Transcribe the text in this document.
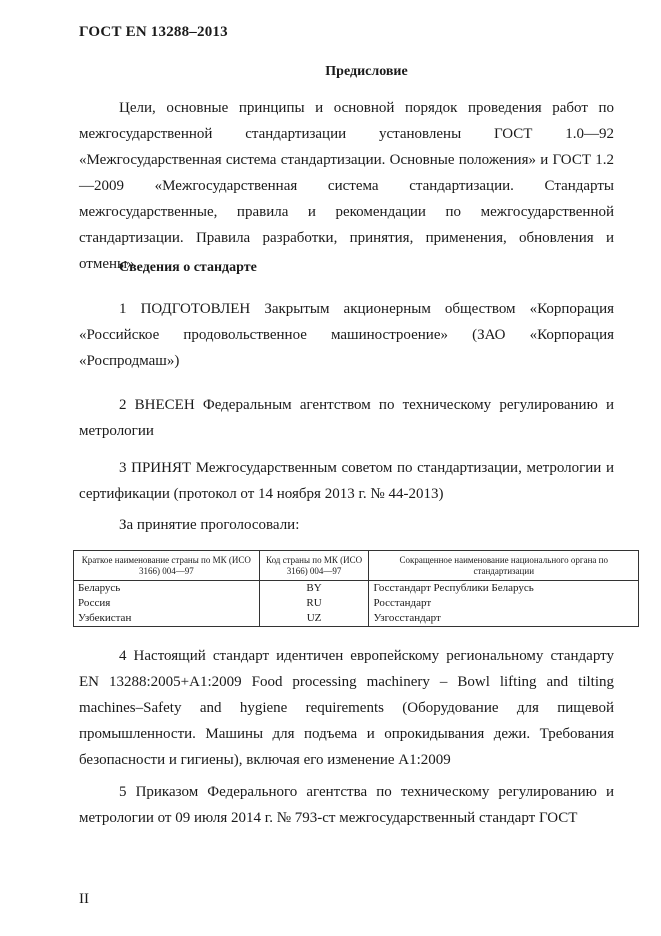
ГОСТ EN 13288–2013
Предисловие

Цели, основные принципы и основной порядок проведения работ по межгосударственной стандартизации установлены ГОСТ 1.0—92 «Межгосударственная система стандартизации. Основные положения» и ГОСТ 1.2—2009 «Межгосударственная система стандартизации. Стандарты межгосударственные, правила и рекомендации по межгосударственной стандартизации. Правила разработки, принятия, применения, обновления и отмены»

Сведения о стандарте

1 ПОДГОТОВЛЕН Закрытым акционерным обществом «Корпорация «Российское продовольственное машиностроение» (ЗАО «Корпорация «Роспродмаш»)

2 ВНЕСЕН Федеральным агентством по техническому регулированию и метрологии

3 ПРИНЯТ Межгосударственным советом по стандартизации, метрологии и сертификации (протокол от 14 ноября 2013 г. № 44-2013)

За принятие проголосовали:
Краткое наименование страны по МК (ИСО 3166) 004—97	Код страны по МК (ИСО 3166) 004—97	Сокращенное наименование национального органа по стандартизации
Беларусь	BY	Госстандарт Республики Беларусь
Россия	RU	Росстандарт
Узбекистан	UZ	Узгосстандарт

4 Настоящий стандарт идентичен европейскому региональному стандарту EN 13288:2005+A1:2009 Food processing machinery – Bowl lifting and tilting machines–Safety and hygiene requirements (Оборудование для пищевой промышленности. Машины для подъема и опрокидывания дежи. Требования безопасности и гигиены), включая его изменение A1:2009

5 Приказом Федерального агентства по техническому регулированию и метрологии от 09 июля 2014 г. № 793-ст межгосударственный стандарт ГОСТ

II
